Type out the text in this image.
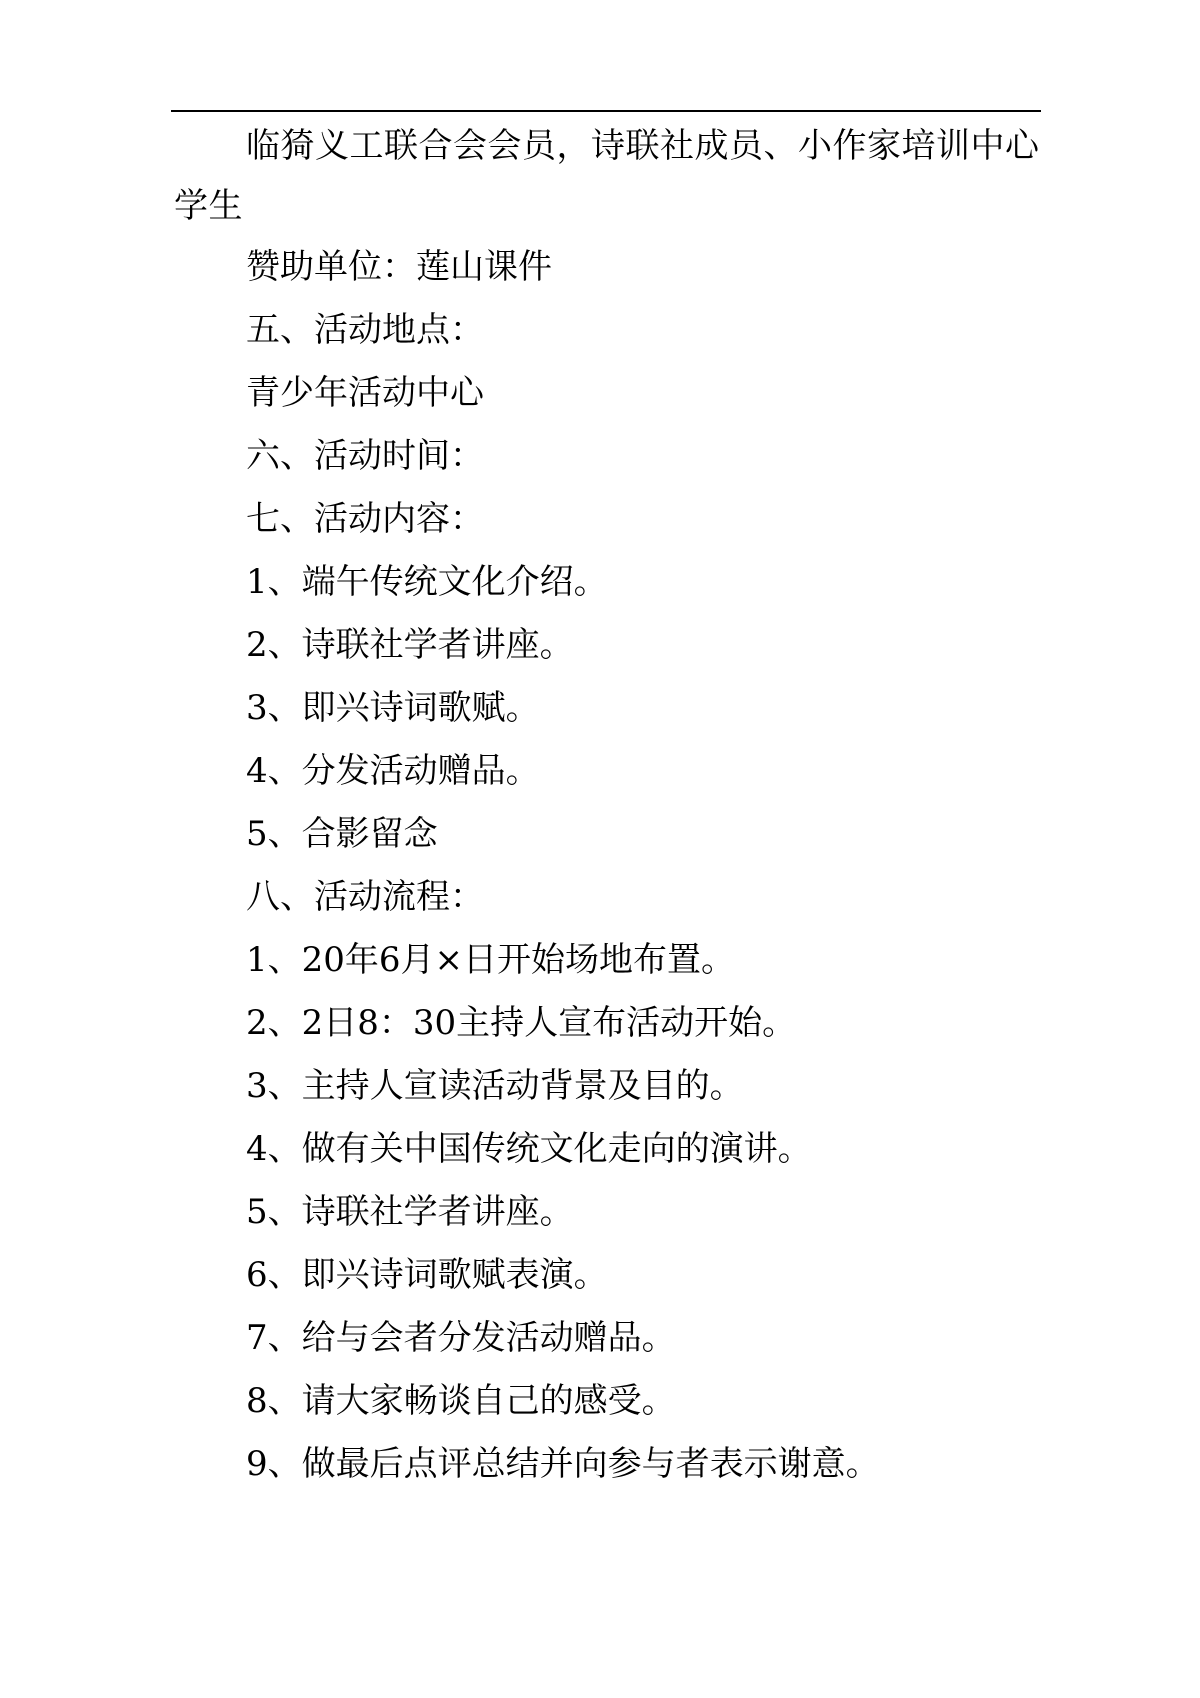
临猗义工联合会会员，诗联社成员、小作家培训中心学生

赞助单位：莲山课件

五、活动地点：

青少年活动中心

六、活动时间：

七、活动内容：

1、端午传统文化介绍。

2、诗联社学者讲座。

3、即兴诗词歌赋。

4、分发活动赠品。

5、合影留念

八、活动流程：

1、20年6月×日开始场地布置。

2、2日8：30主持人宣布活动开始。

3、主持人宣读活动背景及目的。

4、做有关中国传统文化走向的演讲。

5、诗联社学者讲座。

6、即兴诗词歌赋表演。

7、给与会者分发活动赠品。

8、请大家畅谈自己的感受。

9、做最后点评总结并向参与者表示谢意。
